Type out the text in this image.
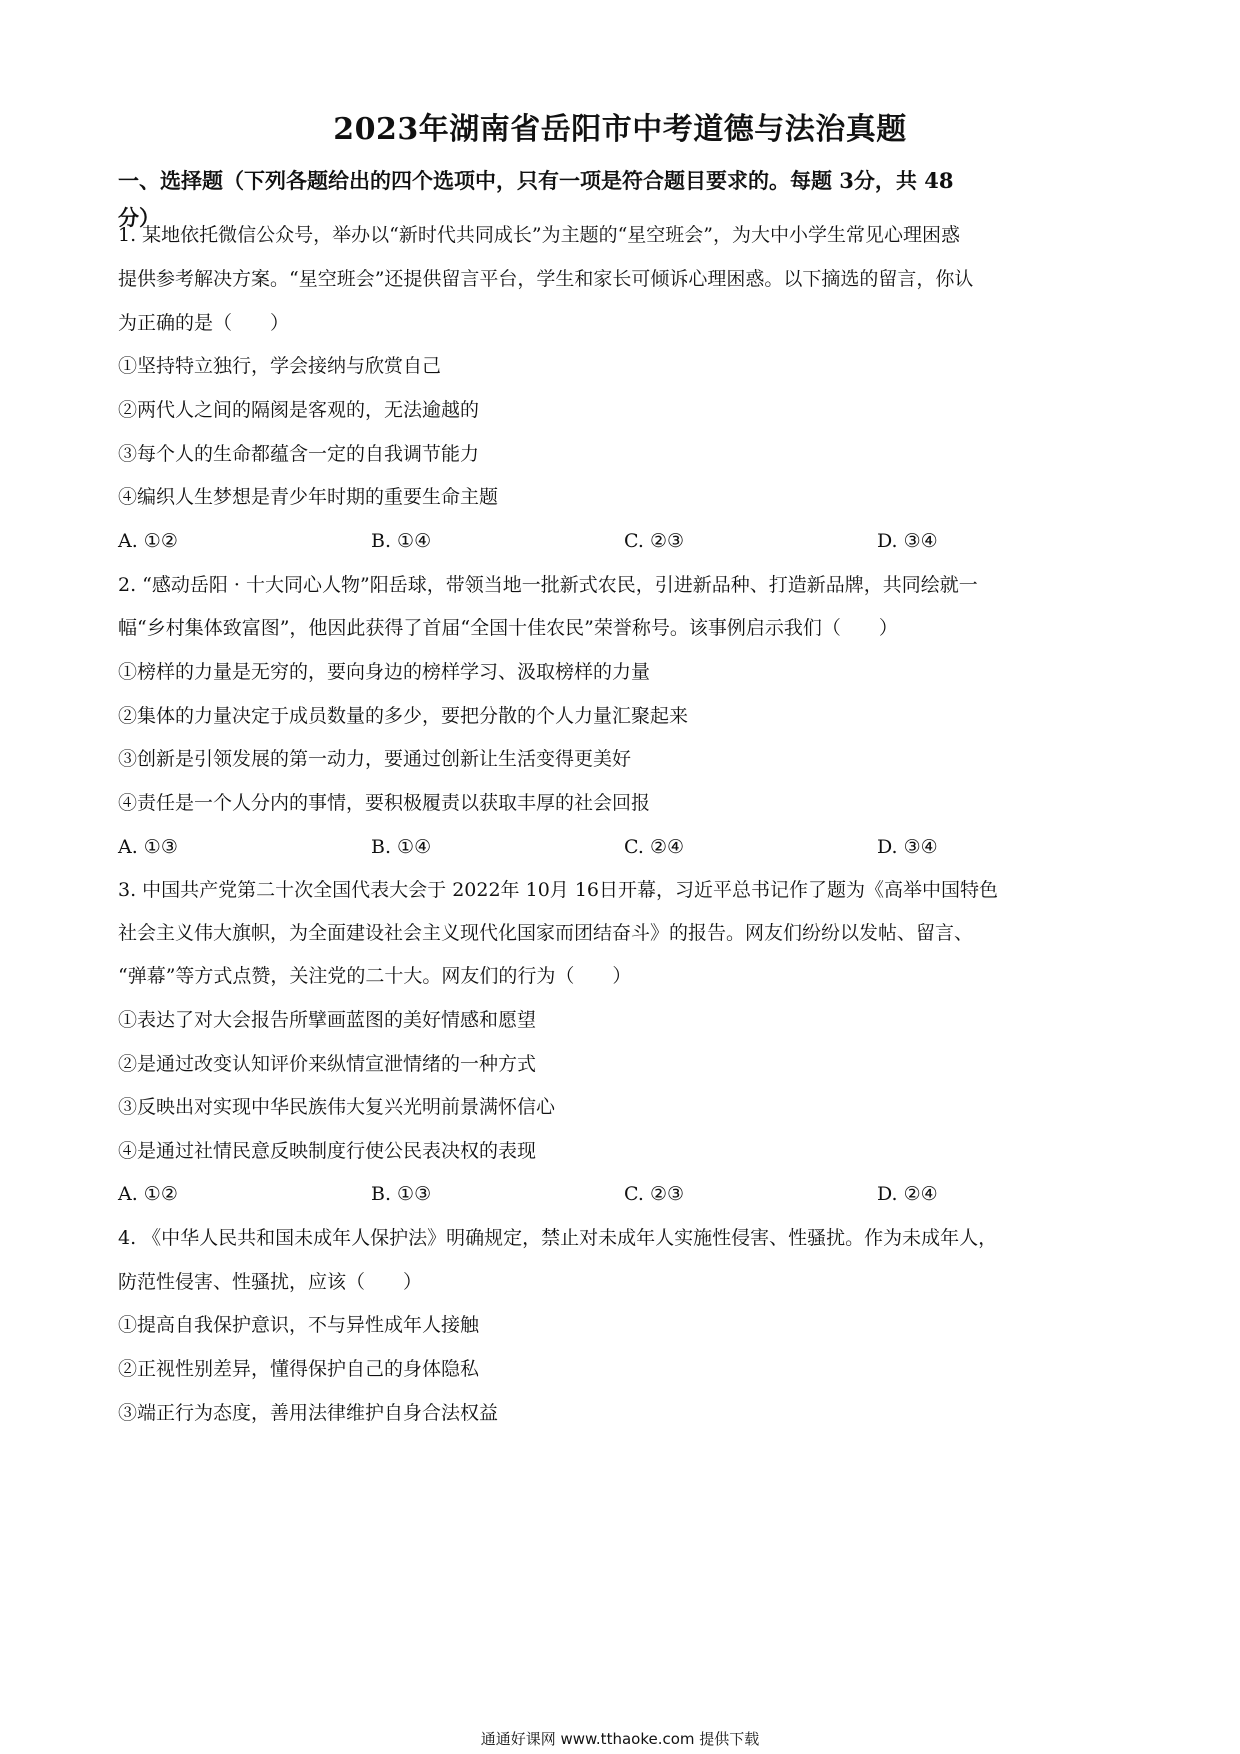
2023年湖南省岳阳市中考道德与法治真题
一、选择题（下列各题给出的四个选项中，只有一项是符合题目要求的。每题 3分，共 48
分）
1. 某地依托微信公众号，举办以“新时代共同成长”为主题的“星空班会”，为大中小学生常见心理困惑
提供参考解决方案。“星空班会”还提供留言平台，学生和家长可倾诉心理困惑。以下摘选的留言，你认
为正确的是（　　）
①坚持特立独行，学会接纳与欣赏自己
②两代人之间的隔阂是客观的，无法逾越的
③每个人的生命都蕴含一定的自我调节能力
④编织人生梦想是青少年时期的重要生命主题
A. ①②	B. ①④	C. ②③	D. ③④
2. “感动岳阳 · 十大同心人物”阳岳球，带领当地一批新式农民，引进新品种、打造新品牌，共同绘就一
幅“乡村集体致富图”，他因此获得了首届“全国十佳农民”荣誉称号。该事例启示我们（　　）
①榜样的力量是无穷的，要向身边的榜样学习、汲取榜样的力量
②集体的力量决定于成员数量的多少，要把分散的个人力量汇聚起来
③创新是引领发展的第一动力，要通过创新让生活变得更美好
④责任是一个人分内的事情，要积极履责以获取丰厚的社会回报
A. ①③	B. ①④	C. ②④	D. ③④
3. 中国共产党第二十次全国代表大会于 2022年 10月 16日开幕，习近平总书记作了题为《高举中国特色
社会主义伟大旗帜，为全面建设社会主义现代化国家而团结奋斗》的报告。网友们纷纷以发帖、留言、
“弹幕”等方式点赞，关注党的二十大。网友们的行为（　　）
①表达了对大会报告所擘画蓝图的美好情感和愿望
②是通过改变认知评价来纵情宣泄情绪的一种方式
③反映出对实现中华民族伟大复兴光明前景满怀信心
④是通过社情民意反映制度行使公民表决权的表现
A. ①②	B. ①③	C. ②③	D. ②④
4. 《中华人民共和国未成年人保护法》明确规定，禁止对未成年人实施性侵害、性骚扰。作为未成年人，
防范性侵害、性骚扰，应该（　　）
①提高自我保护意识，不与异性成年人接触
②正视性别差异，懂得保护自己的身体隐私
③端正行为态度，善用法律维护自身合法权益
通通好课网 www.tthaoke.com 提供下载
